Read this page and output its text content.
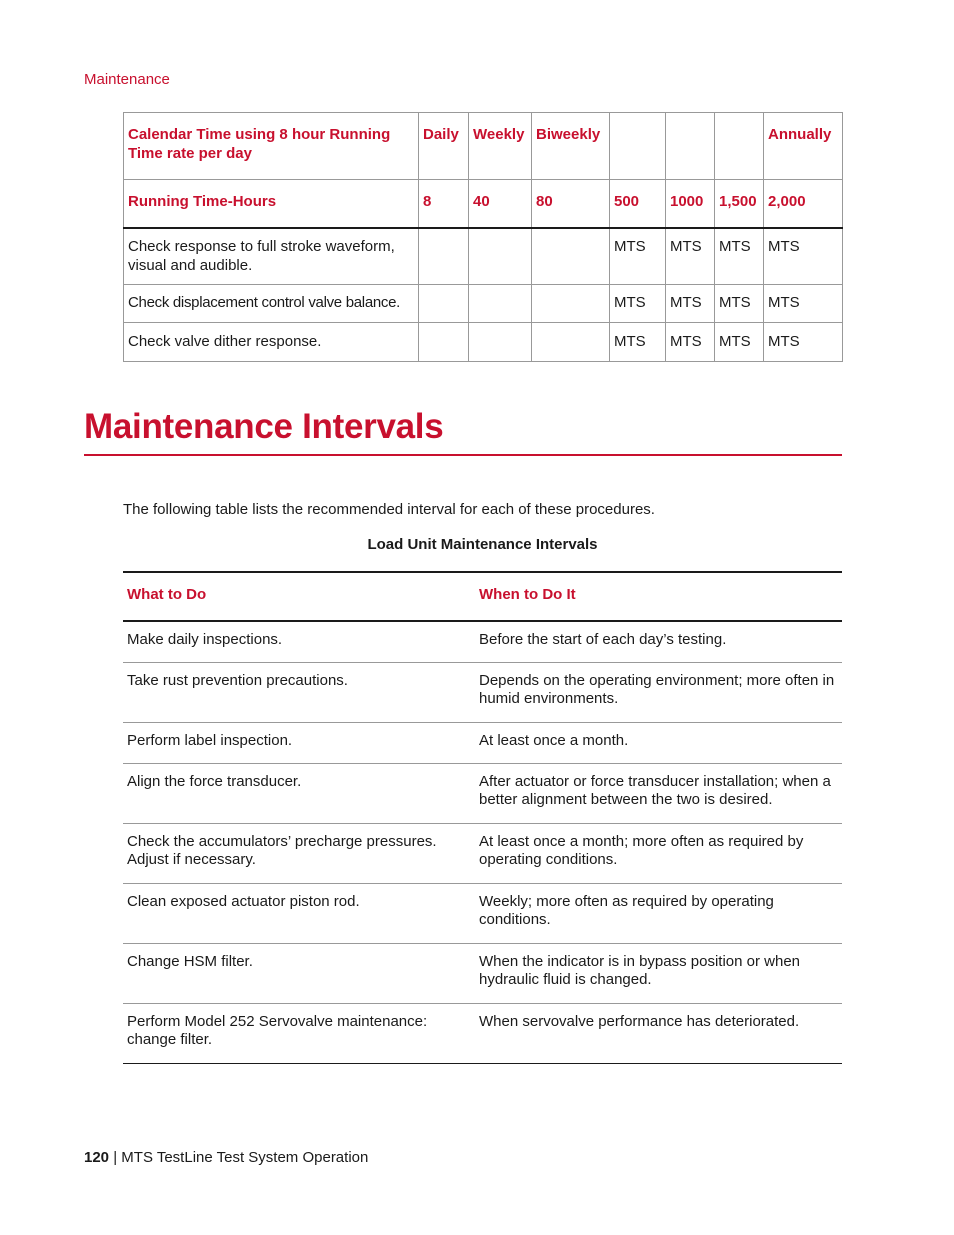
Maintenance
Calendar Time using 8 hour Running Time rate per day	Daily	Weekly	Biweekly				Annually
Running Time-Hours	8	40	80	500	1000	1,500	2,000
Check response to full stroke waveform, visual and audible.				MTS	MTS	MTS	MTS
Check displacement control valve balance.				MTS	MTS	MTS	MTS
Check valve dither response.				MTS	MTS	MTS	MTS
Maintenance Intervals

The following table lists the recommended interval for each of these procedures.

Load Unit Maintenance Intervals

What to Do	When to Do It
Make daily inspections.	Before the start of each day’s testing.
Take rust prevention precautions.	Depends on the operating environment; more often in humid environments.
Perform label inspection.	At least once a month.
Align the force transducer.	After actuator or force transducer installation; when a better alignment between the two is desired.
Check the accumulators’ precharge pressures. Adjust if necessary.	At least once a month; more often as required by operating conditions.
Clean exposed actuator piston rod.	Weekly; more often as required by operating conditions.
Change HSM filter.	When the indicator is in bypass position or when hydraulic fluid is changed.
Perform Model 252 Servovalve maintenance: change filter.	When servovalve performance has deteriorated.
120 | MTS TestLine Test System Operation
